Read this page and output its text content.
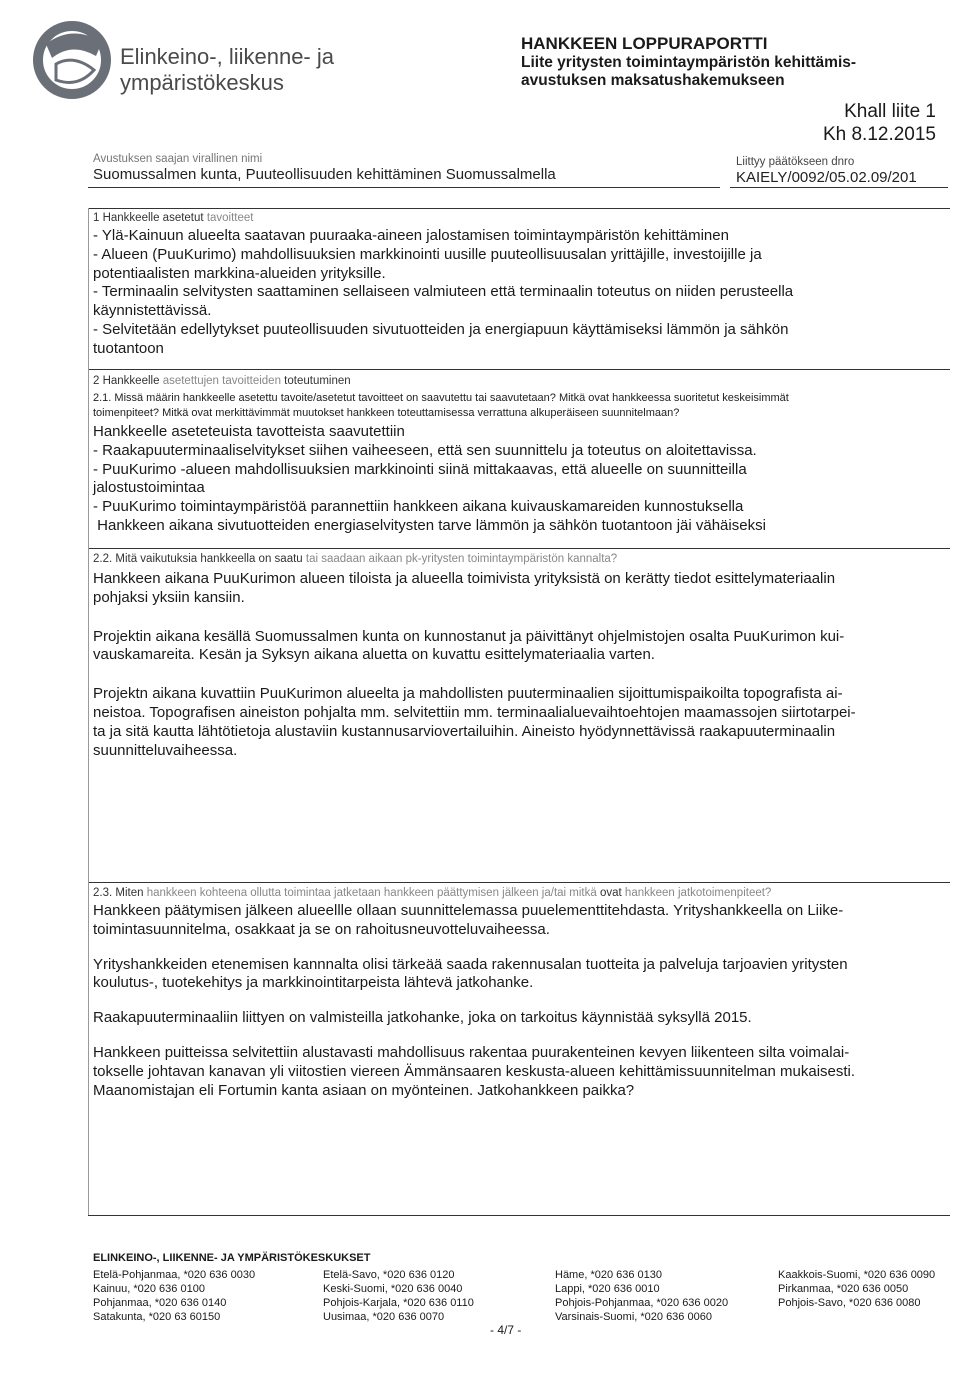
Elinkeino-, liikenne- ja
ympäristökeskus
HANKKEEN LOPPURAPORTTI
Liite yritysten toimintaympäristön kehittämis-
avustuksen maksatushakemukseen
Khall liite 1
Kh 8.12.2015
Avustuksen saajan virallinen nimi
Suomussalmen kunta, Puuteollisuuden kehittäminen Suomussalmella
Liittyy päätökseen dnro
KAIELY/0092/05.02.09/201
1 Hankkeelle asetetut tavoitteet
- Ylä-Kainuun alueelta saatavan puuraaka-aineen jalostamisen toimintaympäristön kehittäminen
- Alueen (PuuKurimo) mahdollisuuksien markkinointi uusille puuteollisuusalan yrittäjille, investoijille ja
potentiaalisten markkina-alueiden yrityksille.
- Terminaalin selvitysten saattaminen sellaiseen valmiuteen että terminaalin toteutus on niiden perusteella
käynnistettävissä.
- Selvitetään edellytykset puuteollisuuden sivutuotteiden ja energiapuun käyttämiseksi lämmön ja sähkön
tuotantoon
2 Hankkeelle asetettujen tavoitteiden toteutuminen
2.1. Missä määrin hankkeelle asetettu tavoite/asetetut tavoitteet on saavutettu tai saavutetaan? Mitkä ovat hankkeessa suoritetut keskeisimmät
toimenpiteet? Mitkä ovat merkittävimmät muutokset hankkeen toteuttamisessa verrattuna alkuperäiseen suunnitelmaan?
Hankkeelle aseteteuista tavotteista saavutettiin
- Raakapuuterminaaliselvitykset siihen vaiheeseen, että sen suunnittelu ja toteutus on aloitettavissa.
- PuuKurimo -alueen mahdollisuuksien markkinointi siinä mittakaavas, että alueelle on suunnitteilla
jalostustoimintaa
- PuuKurimo toimintaympäristöä parannettiin hankkeen aikana kuivauskamareiden kunnostuksella
Hankkeen aikana sivutuotteiden energiaselvitysten tarve lämmön ja sähkön tuotantoon jäi vähäiseksi
2.2. Mitä vaikutuksia hankkeella on saatu tai saadaan aikaan pk-yritysten toimintaympäristön kannalta?
Hankkeen aikana PuuKurimon alueen tiloista ja alueella toimivista yrityksistä on kerätty tiedot esittelymateriaalin
pohjaksi yksiin kansiin.
Projektin aikana kesällä Suomussalmen kunta on kunnostanut ja päivittänyt ohjelmistojen osalta PuuKurimon kui-
vauskamareita. Kesän ja Syksyn aikana aluetta on kuvattu esittelymateriaalia varten.
Projektn aikana kuvattiin PuuKurimon alueelta ja mahdollisten puuterminaalien sijoittumispaikoilta topografista ai-
neistoa. Topografisen aineiston pohjalta mm. selvitettiin mm. terminaalialuevaihtoehtojen maamassojen siirtotarpei-
ta ja sitä kautta lähtötietoja alustaviin kustannusarviovertailuihin. Aineisto hyödynnettävissä raakapuuterminaalin
suunnitteluvaiheessa.
2.3. Miten hankkeen kohteena ollutta toimintaa jatketaan hankkeen päättymisen jälkeen ja/tai mitkä ovat hankkeen jatkotoimenpiteet?
Hankkeen päätymisen jälkeen alueellle ollaan suunnittelemassa puuelementtitehdasta. Yrityshankkeella on Liike-
toimintasuunnitelma, osakkaat ja se on rahoitusneuvotteluvaiheessa.
Yrityshankkeiden etenemisen kannnalta olisi tärkeää saada rakennusalan tuotteita ja palveluja tarjoavien yritysten
koulutus-, tuotekehitys ja markkinointitarpeista lähtevä jatkohanke.
Raakapuuterminaaliin liittyen on valmisteilla jatkohanke, joka on tarkoitus käynnistää syksyllä 2015.
Hankkeen puitteissa selvitettiin alustavasti mahdollisuus rakentaa puurakenteinen kevyen liikenteen silta voimalai-
tokselle johtavan kanavan yli viitostien viereen Ämmänsaaren keskusta-alueen kehittämissuunnitelman mukaisesti.
Maanomistajan eli Fortumin kanta asiaan on myönteinen. Jatkohankkeen paikka?
ELINKEINO-, LIIKENNE- JA YMPÄRISTÖKESKUKSET
Etelä-Pohjanmaa, *020 636 0030
Kainuu, *020 636 0100
Pohjanmaa, *020 636 0140
Satakunta, *020 63 60150
Etelä-Savo, *020 636 0120
Keski-Suomi, *020 636 0040
Pohjois-Karjala, *020 636 0110
Uusimaa, *020 636 0070
Häme, *020 636 0130
Lappi, *020 636 0010
Pohjois-Pohjanmaa, *020 636 0020
Varsinais-Suomi, *020 636 0060
Kaakkois-Suomi, *020 636 0090
Pirkanmaa, *020 636 0050
Pohjois-Savo, *020 636 0080
- 4/7 -
